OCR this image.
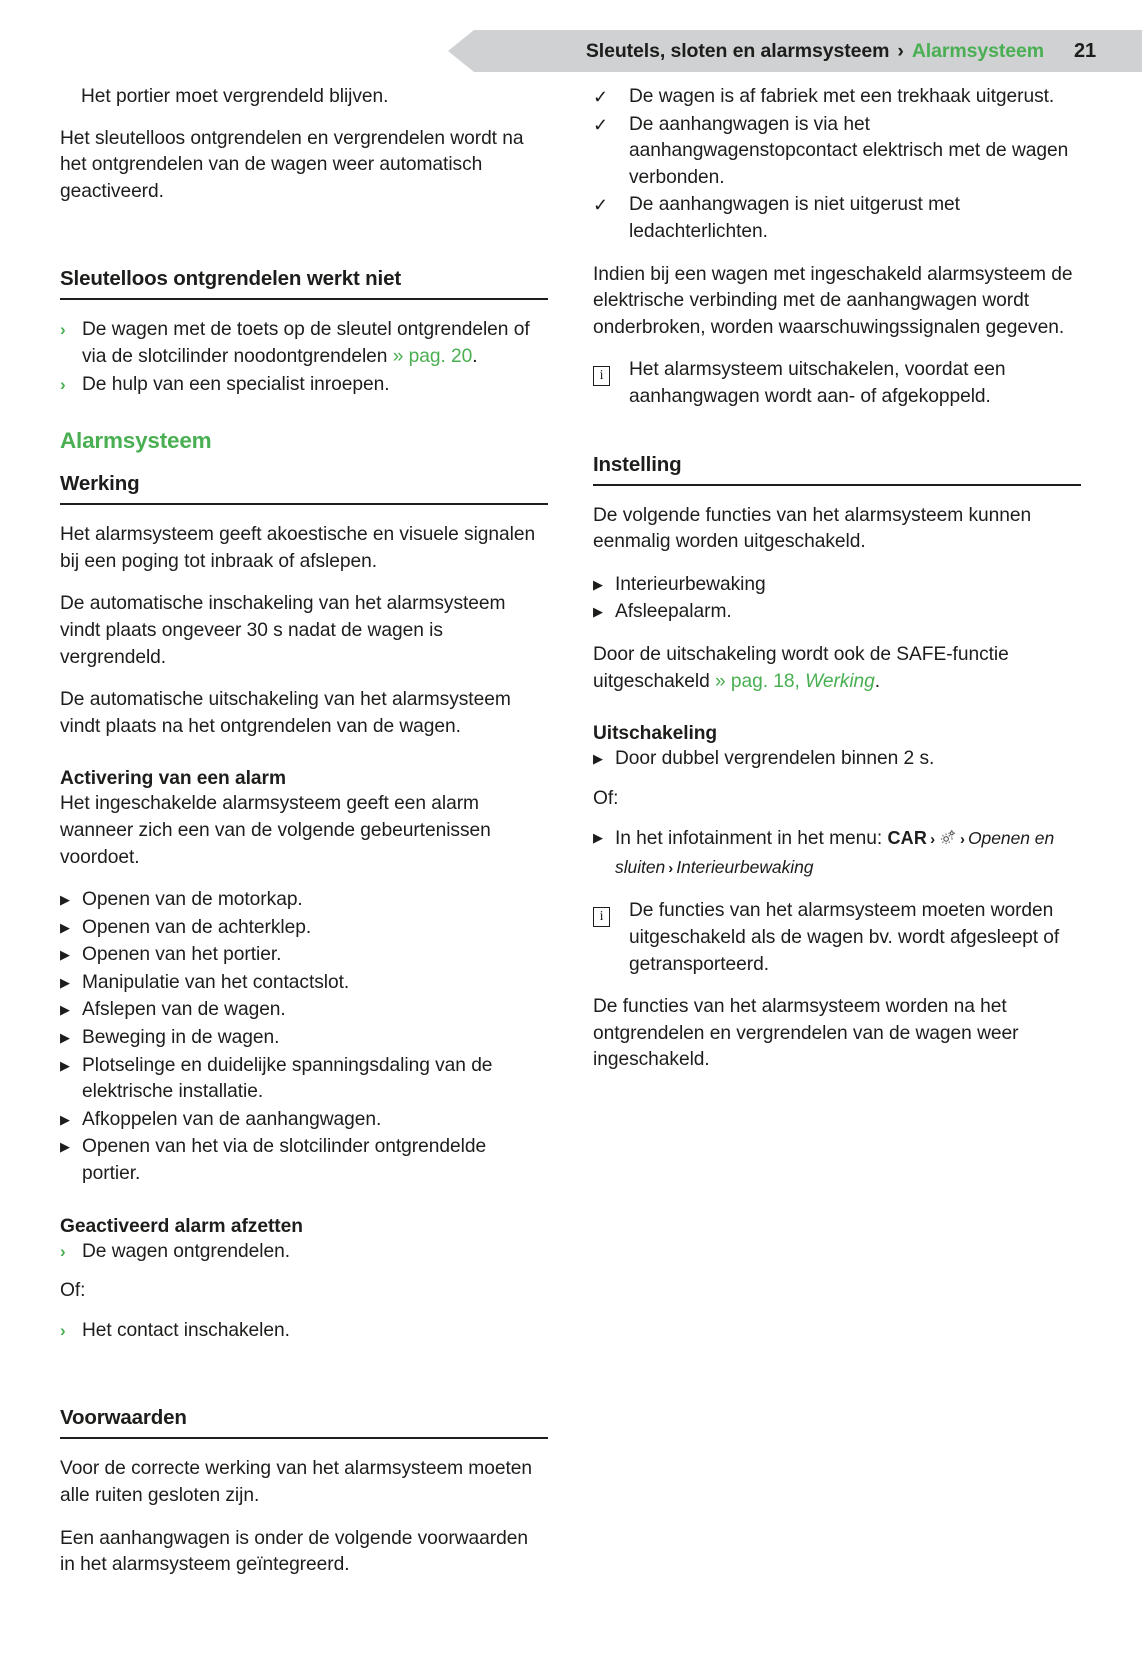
Sleutels, sloten en alarmsysteem › Alarmsysteem 21

Het portier moet vergrendeld blijven.

Het sleutelloos ontgrendelen en vergrendelen wordt na het ontgrendelen van de wagen weer automatisch geactiveerd.

Sleutelloos ontgrendelen werkt niet
› De wagen met de toets op de sleutel ontgrendelen of via de slotcilinder noodontgrendelen » pag. 20.
› De hulp van een specialist inroepen.
Alarmsysteem
Werking

Het alarmsysteem geeft akoestische en visuele signalen bij een poging tot inbraak of afslepen.

De automatische inschakeling van het alarmsysteem vindt plaats ongeveer 30 s nadat de wagen is vergrendeld.

De automatische uitschakeling van het alarmsysteem vindt plaats na het ontgrendelen van de wagen.

Activering van een alarm

Het ingeschakelde alarmsysteem geeft een alarm wanneer zich een van de volgende gebeurtenissen voordoet.

▶ Openen van de motorkap.
▶ Openen van de achterklep.
▶ Openen van het portier.
▶ Manipulatie van het contactslot.
▶ Afslepen van de wagen.
▶ Beweging in de wagen.
▶ Plotselinge en duidelijke spanningsdaling van de elektrische installatie.
▶ Afkoppelen van de aanhangwagen.
▶ Openen van het via de slotcilinder ontgrendelde portier.
Geactiveerd alarm afzetten
› De wagen ontgrendelen.

Of:

› Het contact inschakelen.
Voorwaarden

Voor de correcte werking van het alarmsysteem moeten alle ruiten gesloten zijn.

Een aanhangwagen is onder de volgende voorwaarden in het alarmsysteem geïntegreerd.

✓	De wagen is af fabriek met een trekhaak uitgerust.
✓	De aanhangwagen is via het aanhangwagenstopcontact elektrisch met de wagen verbonden.
✓	De aanhangwagen is niet uitgerust met ledachterlichten.

Indien bij een wagen met ingeschakeld alarmsysteem de elektrische verbinding met de aanhangwagen wordt onderbroken, worden waarschuwingssignalen gegeven.

i	Het alarmsysteem uitschakelen, voordat een aanhangwagen wordt aan- of afgekoppeld.
Instelling

De volgende functies van het alarmsysteem kunnen eenmalig worden uitgeschakeld.

▶ Interieurbewaking
▶ Afsleepalarm.

Door de uitschakeling wordt ook de SAFE-functie uitgeschakeld » pag. 18, Werking.

Uitschakeling
▶ Door dubbel vergrendelen binnen 2 s.

Of:

▶ In het infotainment in het menu: CAR › › Openen en sluiten › Interieurbewaking
i	De functies van het alarmsysteem moeten worden uitgeschakeld als de wagen bv. wordt afgesleept of getransporteerd.

De functies van het alarmsysteem worden na het ontgrendelen en vergrendelen van de wagen weer ingeschakeld.
